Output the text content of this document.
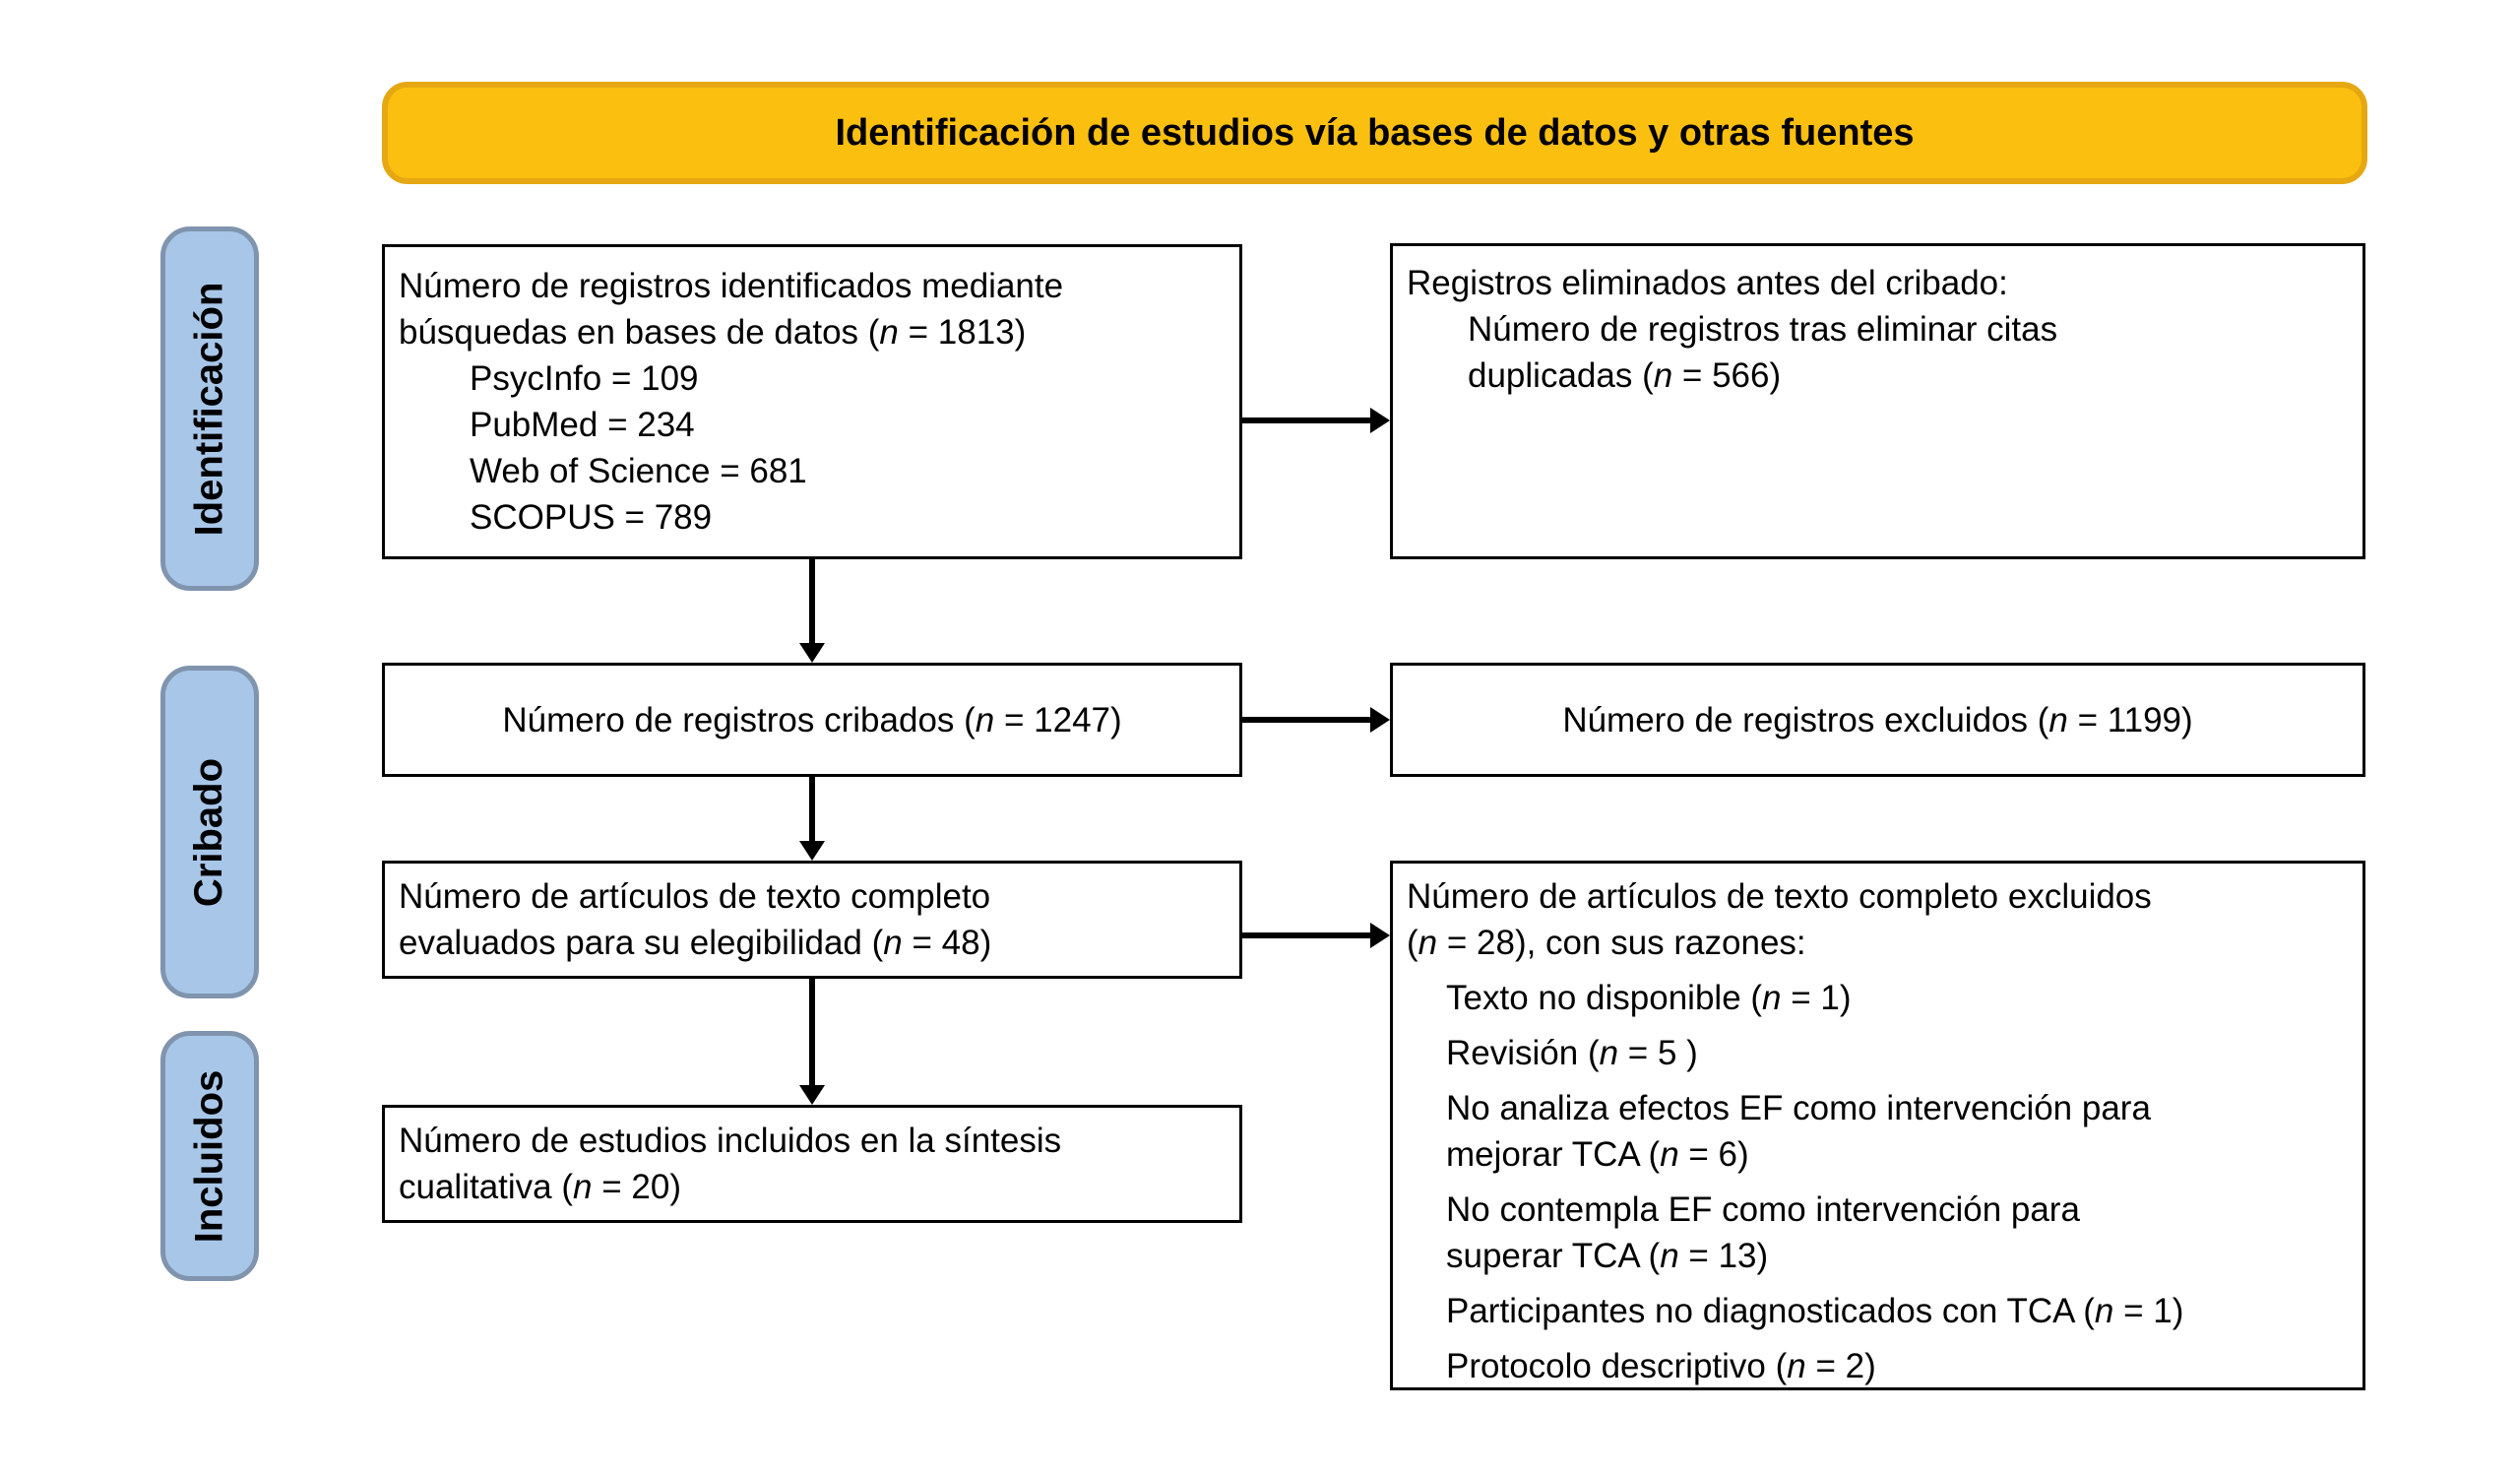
Identificación de estudios vía bases de datos y otras fuentes
Identificación
Cribado
Incluidos
Número de registros identificados mediante
búsquedas en bases de datos (n = 1813)
PsycInfo = 109
PubMed = 234
Web of Science = 681
SCOPUS = 789
Registros eliminados antes del cribado:
Número de registros tras eliminar citas
duplicadas (n = 566)
Número de registros cribados (n = 1247)	Número de registros excluidos (n = 1199)
Número de artículos de texto completo
evaluados para su elegibilidad (n = 48)
Número de artículos de texto completo excluidos
(n = 28), con sus razones:
Texto no disponible (n = 1)
Revisión (n = 5 )
No analiza efectos EF como intervención para
mejorar TCA (n = 6)
No contempla EF como intervención para
superar TCA (n = 13)
Participantes no diagnosticados con TCA (n = 1)
Protocolo descriptivo (n = 2)
Número de estudios incluidos en la síntesis
cualitativa (n = 20)
